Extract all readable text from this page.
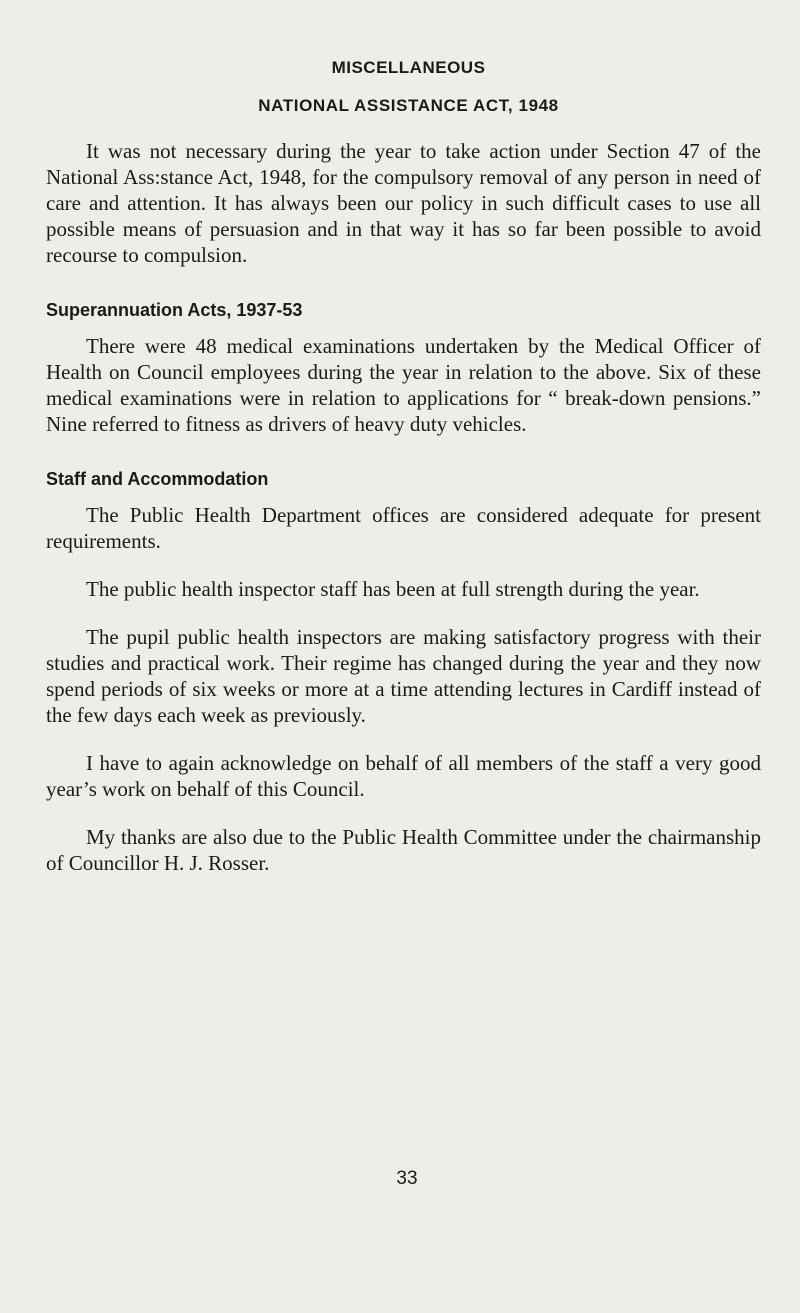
MISCELLANEOUS
NATIONAL ASSISTANCE ACT, 1948

It was not necessary during the year to take action under Section 47 of the National Ass:stance Act, 1948, for the compulsory removal of any person in need of care and attention. It has always been our policy in such difficult cases to use all possible means of persuasion and in that way it has so far been possible to avoid recourse to compulsion.

Superannuation Acts, 1937-53

There were 48 medical examinations undertaken by the Medical Officer of Health on Council employees during the year in relation to the above. Six of these medical examinations were in relation to applications for “ break-down pensions.” Nine referred to fitness as drivers of heavy duty vehicles.

Staff and Accommodation

The Public Health Department offices are considered adequate for present requirements.

The public health inspector staff has been at full strength during the year.

The pupil public health inspectors are making satisfactory progress with their studies and practical work. Their regime has changed during the year and they now spend periods of six weeks or more at a time attending lectures in Cardiff instead of the few days each week as previously.

I have to again acknowledge on behalf of all members of the staff a very good year’s work on behalf of this Council.

My thanks are also due to the Public Health Committee under the chairmanship of Councillor H. J. Rosser.

33
